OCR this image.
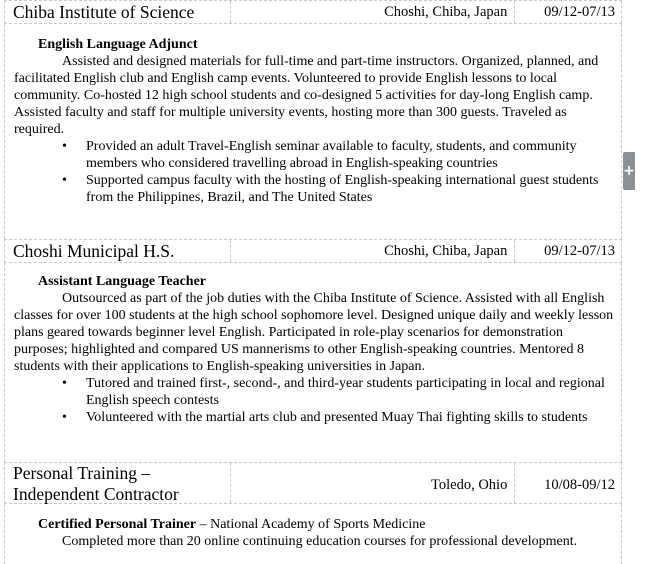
Chiba Institute of Science	Choshi, Chiba, Japan	09/12-07/13
English Language Adjunct

Assisted and designed materials for full-time and part-time instructors. Organized, planned, and facilitated English club and English camp events. Volunteered to provide English lessons to local community. Co-hosted 12 high school students and co-designed 5 activities for day-long English camp. Assisted faculty and staff for multiple university events, hosting more than 300 guests. Traveled as required.

• Provided an adult Travel-English seminar available to faculty, students, and community members who considered travelling abroad in English-speaking countries
• Supported campus faculty with the hosting of English-speaking international guest students from the Philippines, Brazil, and The United States
Choshi Municipal H.S.	Choshi, Chiba, Japan	09/12-07/13
Assistant Language Teacher

Outsourced as part of the job duties with the Chiba Institute of Science. Assisted with all English classes for over 100 students at the high school sophomore level. Designed unique daily and weekly lesson plans geared towards beginner level English. Participated in role-play scenarios for demonstration purposes; highlighted and compared US mannerisms to other English-speaking countries. Mentored 8 students with their applications to English-speaking universities in Japan.

• Tutored and trained first-, second-, and third-year students participating in local and regional English speech contests
• Volunteered with the martial arts club and presented Muay Thai fighting skills to students
Personal Training –
Independent Contractor	Toledo, Ohio	10/08-09/12
Certified Personal Trainer – National Academy of Sports Medicine

Completed more than 20 online continuing education courses for professional development.

+
